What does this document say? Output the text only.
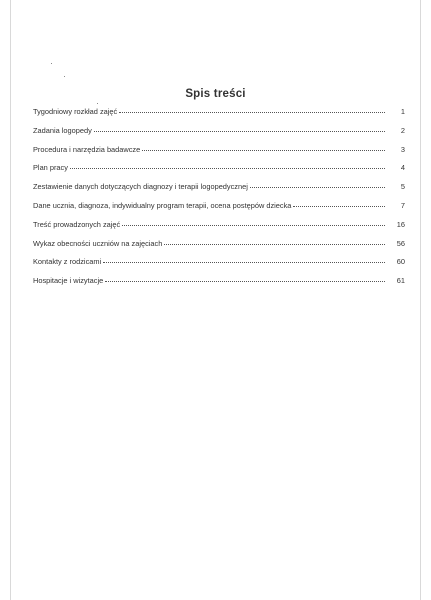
Spis treści
Tygodniowy rozkład zajęć	1
Zadania logopedy	2
Procedura i narzędzia badawcze	3
Plan pracy	4
Zestawienie danych dotyczących diagnozy i terapii logopedycznej	5
Dane ucznia, diagnoza, indywidualny program terapii, ocena postępów dziecka	7
Treść prowadzonych zajęć	16
Wykaz obecności uczniów na zajęciach	56
Kontakty z rodzicami	60
Hospitacje i wizytacje	61
